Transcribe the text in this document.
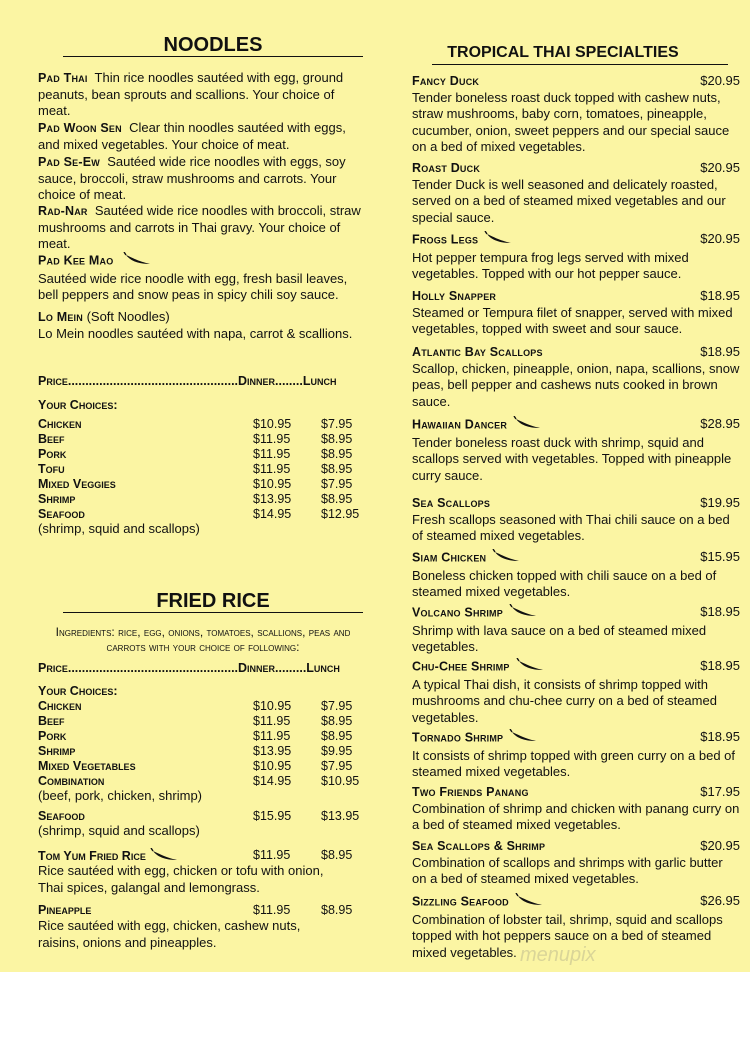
NOODLES
Pad Thai Thin rice noodles sautéed with egg, ground peanuts, bean sprouts and scallions. Your choice of meat.
Pad Woon Sen Clear thin noodles sautéed with eggs, and mixed vegetables. Your choice of meat.
Pad Se-Ew Sautéed wide rice noodles with eggs, soy sauce, broccoli, straw mushrooms and carrots. Your choice of meat.
Rad-Nar Sautéed wide rice noodles with broccoli, straw mushrooms and carrots in Thai gravy. Your choice of meat.
Pad Kee Mao
Sautéed wide rice noodle with egg, fresh basil leaves, bell peppers and snow peas in spicy chili soy sauce.
Lo Mein (Soft Noodles)
Lo Mein noodles sautéed with napa, carrot & scallions.
Price.................................................Dinner........Lunch
Your Choices:
Chicken	$10.95 $7.95
Beef	$11.95 $8.95
Pork	$11.95 $8.95
Tofu	$11.95 $8.95
Mixed Veggies	$10.95 $7.95
Shrimp	$13.95 $8.95
Seafood	$14.95 $12.95
(shrimp, squid and scallops)
FRIED RICE
Ingredients: rice, egg, onions, tomatoes, scallions, peas and carrots with your choice of following:
Price.................................................Dinner.........Lunch
Your Choices:
Chicken	$10.95 $7.95
Beef	$11.95 $8.95
Pork	$11.95 $8.95
Shrimp	$13.95 $9.95
Mixed Vegetables	$10.95 $7.95
Combination	$14.95 $10.95
(beef, pork, chicken, shrimp)
Seafood	$15.95 $13.95
(shrimp, squid and scallops)
Tom Yum Fried Rice	$11.95 $8.95
Rice sautéed with egg, chicken or tofu with onion, Thai spices, galangal and lemongrass.
Pineapple	$11.95 $8.95
Rice sautéed with egg, chicken, cashew nuts, raisins, onions and pineapples.
TROPICAL THAI SPECIALTIES
Fancy Duck	$20.95

Tender boneless roast duck topped with cashew nuts, straw mushrooms, baby corn, tomatoes, pineapple, cucumber, onion, sweet peppers and our special sauce on a bed of mixed vegetables.
Roast Duck	$20.95

Tender Duck is well seasoned and delicately roasted, served on a bed of steamed mixed vegetables and our special sauce.
Frogs Legs	$20.95

Hot pepper tempura frog legs served with mixed vegetables. Topped with our hot pepper sauce.
Holly Snapper	$18.95

Steamed or Tempura filet of snapper, served with mixed vegetables, topped with sweet and sour sauce.
Atlantic Bay Scallops	$18.95

Scallop, chicken, pineapple, onion, napa, scallions, snow peas, bell pepper and cashews nuts cooked in brown sauce.
Hawaiian Dancer	$28.95

Tender boneless roast duck with shrimp, squid and scallops served with vegetables. Topped with pineapple curry sauce.
Sea Scallops	$19.95

Fresh scallops seasoned with Thai chili sauce on a bed of steamed mixed vegetables.
Siam Chicken	$15.95

Boneless chicken topped with chili sauce on a bed of steamed mixed vegetables.
Volcano Shrimp	$18.95

Shrimp with lava sauce on a bed of steamed mixed vegetables.
Chu-Chee Shrimp	$18.95

A typical Thai dish, it consists of shrimp topped with mushrooms and chu-chee curry on a bed of steamed vegetables.
Tornado Shrimp	$18.95

It consists of shrimp topped with green curry on a bed of steamed mixed vegetables.
Two Friends Panang	$17.95

Combination of shrimp and chicken with panang curry on a bed of steamed mixed vegetables.
Sea Scallops & Shrimp	$20.95

Combination of scallops and shrimps with garlic butter on a bed of steamed mixed vegetables.
Sizzling Seafood	$26.95

Combination of lobster tail, shrimp, squid and scallops topped with hot peppers sauce on a bed of steamed mixed vegetables. menupix
